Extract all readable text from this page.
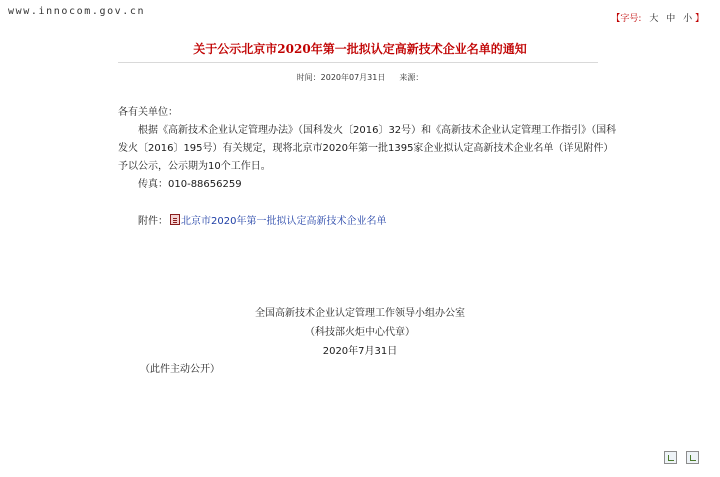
www.innocom.gov.cn
【字号: 大 中 小 】
关于公示北京市2020年第一批拟认定高新技术企业名单的通知
时间：2020年07月31日 来源：

各有关单位：

根据《高新技术企业认定管理办法》（国科发火〔2016〕32号）和《高新技术企业认定管理工作指引》（国科发火〔2016〕195号）有关规定，现将北京市2020年第一批1395家企业拟认定高新技术企业名单（详见附件）予以公示，公示期为10个工作日。

传真：010-88656259

附件： 北京市2020年第一批拟认定高新技术企业名单

全国高新技术企业认定管理工作领导小组办公室

（科技部火炬中心代章）

2020年7月31日

（此件主动公开）
